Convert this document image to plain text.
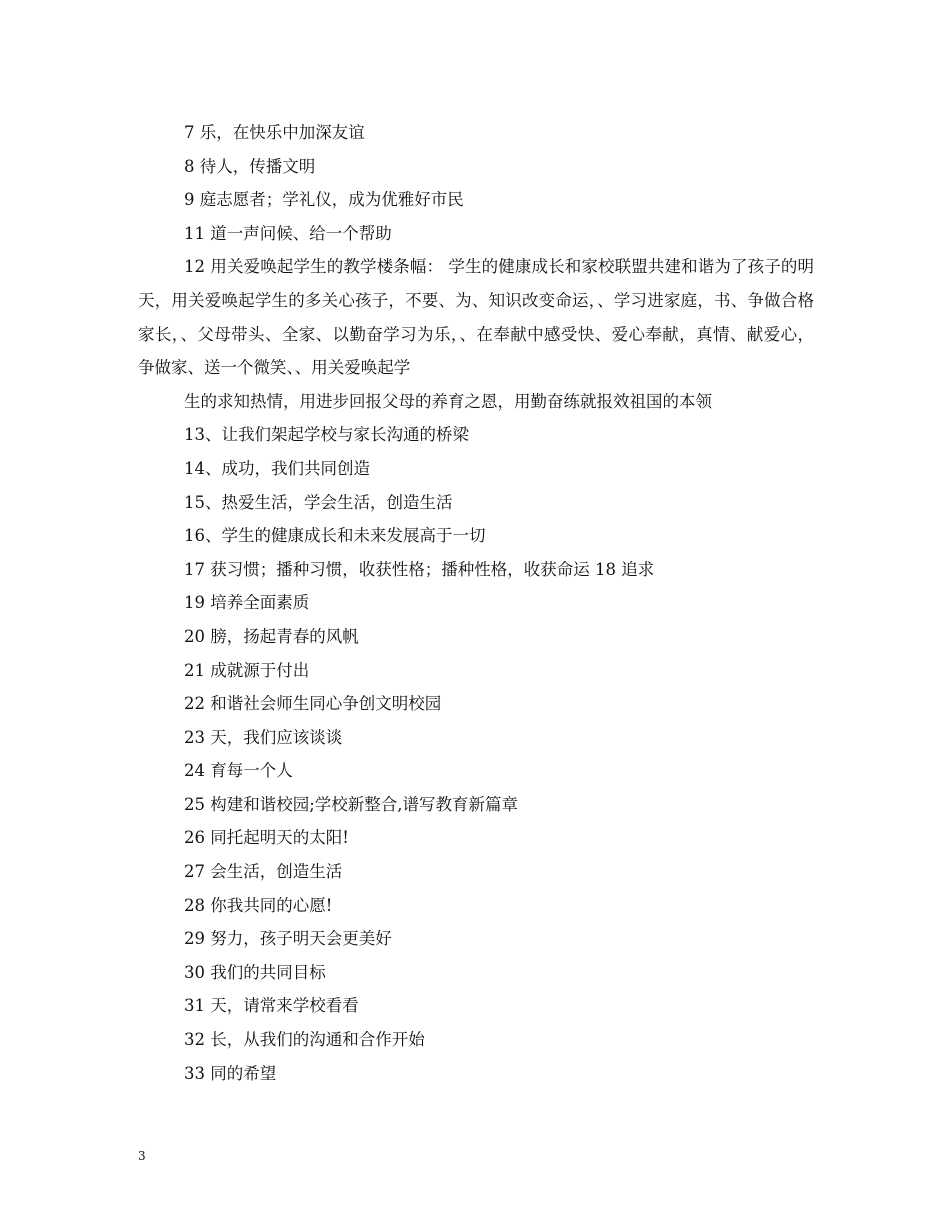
7 乐，在快乐中加深友谊

8 待人，传播文明

9 庭志愿者；学礼仪，成为优雅好市民

11 道一声问候、给一个帮助

12 用关爱唤起学生的教学楼条幅： 学生的健康成长和家校联盟共建和谐为了孩子的明天，用关爱唤起学生的多关心孩子，不要、为、知识改变命运，、学习进家庭，书、争做合格家长，、父母带头、全家、以勤奋学习为乐，、在奉献中感受快、爱心奉献，真情、献爱心，争做家、送一个微笑、、用关爱唤起学

生的求知热情，用进步回报父母的养育之恩，用勤奋练就报效祖国的本领

13、让我们架起学校与家长沟通的桥梁

14、成功，我们共同创造

15、热爱生活，学会生活，创造生活

16、学生的健康成长和未来发展高于一切

17 获习惯；播种习惯，收获性格；播种性格，收获命运 18 追求

19 培养全面素质

20 膀，扬起青春的风帆

21 成就源于付出

22 和谐社会师生同心争创文明校园

23 天，我们应该谈谈

24 育每一个人

25 构建和谐校园;学校新整合,谱写教育新篇章

26 同托起明天的太阳!

27 会生活，创造生活

28 你我共同的心愿!

29 努力，孩子明天会更美好

30 我们的共同目标

31 天，请常来学校看看

32 长，从我们的沟通和合作开始

33 同的希望

3
